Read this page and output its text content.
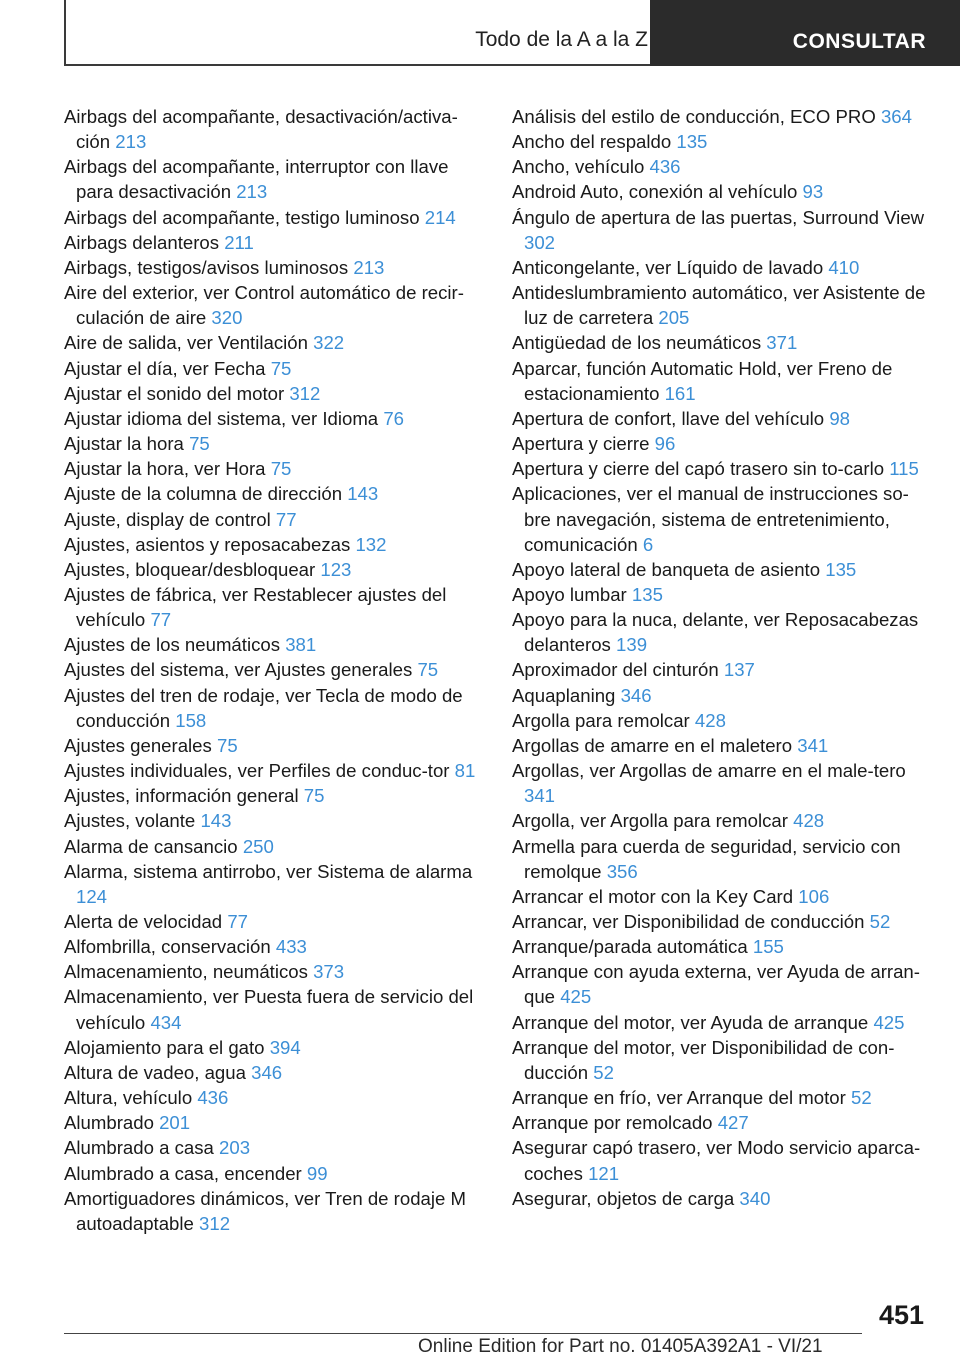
Todo de la A a la Z	CONSULTAR
Airbags del acompañante, desactivación/activa-ción 213
Airbags del acompañante, interruptor con llave para desactivación 213
Airbags del acompañante, testigo luminoso 214
Airbags delanteros 211
Airbags, testigos/avisos luminosos 213
Aire del exterior, ver Control automático de recir-culación de aire 320
Aire de salida, ver Ventilación 322
Ajustar el día, ver Fecha 75
Ajustar el sonido del motor 312
Ajustar idioma del sistema, ver Idioma 76
Ajustar la hora 75
Ajustar la hora, ver Hora 75
Ajuste de la columna de dirección 143
Ajuste, display de control 77
Ajustes, asientos y reposacabezas 132
Ajustes, bloquear/desbloquear 123
Ajustes de fábrica, ver Restablecer ajustes del vehículo 77
Ajustes de los neumáticos 381
Ajustes del sistema, ver Ajustes generales 75
Ajustes del tren de rodaje, ver Tecla de modo de conducción 158
Ajustes generales 75
Ajustes individuales, ver Perfiles de conduc-tor 81
Ajustes, información general 75
Ajustes, volante 143
Alarma de cansancio 250
Alarma, sistema antirrobo, ver Sistema de alarma 124
Alerta de velocidad 77
Alfombrilla, conservación 433
Almacenamiento, neumáticos 373
Almacenamiento, ver Puesta fuera de servicio del vehículo 434
Alojamiento para el gato 394
Altura de vadeo, agua 346
Altura, vehículo 436
Alumbrado 201
Alumbrado a casa 203
Alumbrado a casa, encender 99
Amortiguadores dinámicos, ver Tren de rodaje M autoadaptable 312
Análisis del estilo de conducción, ECO PRO 364
Ancho del respaldo 135
Ancho, vehículo 436
Android Auto, conexión al vehículo 93
Ángulo de apertura de las puertas, Surround View 302
Anticongelante, ver Líquido de lavado 410
Antideslumbramiento automático, ver Asistente de luz de carretera 205
Antigüedad de los neumáticos 371
Aparcar, función Automatic Hold, ver Freno de estacionamiento 161
Apertura de confort, llave del vehículo 98
Apertura y cierre 96
Apertura y cierre del capó trasero sin to-carlo 115
Aplicaciones, ver el manual de instrucciones so-bre navegación, sistema de entretenimiento, comunicación 6
Apoyo lateral de banqueta de asiento 135
Apoyo lumbar 135
Apoyo para la nuca, delante, ver Reposacabezas delanteros 139
Aproximador del cinturón 137
Aquaplaning 346
Argolla para remolcar 428
Argollas de amarre en el maletero 341
Argollas, ver Argollas de amarre en el male-tero 341
Argolla, ver Argolla para remolcar 428
Armella para cuerda de seguridad, servicio con remolque 356
Arrancar el motor con la Key Card 106
Arrancar, ver Disponibilidad de conducción 52
Arranque/parada automática 155
Arranque con ayuda externa, ver Ayuda de arran-que 425
Arranque del motor, ver Ayuda de arranque 425
Arranque del motor, ver Disponibilidad de con-ducción 52
Arranque en frío, ver Arranque del motor 52
Arranque por remolcado 427
Asegurar capó trasero, ver Modo servicio aparca-coches 121
Asegurar, objetos de carga 340
451
Online Edition for Part no. 01405A392A1 - VI/21
